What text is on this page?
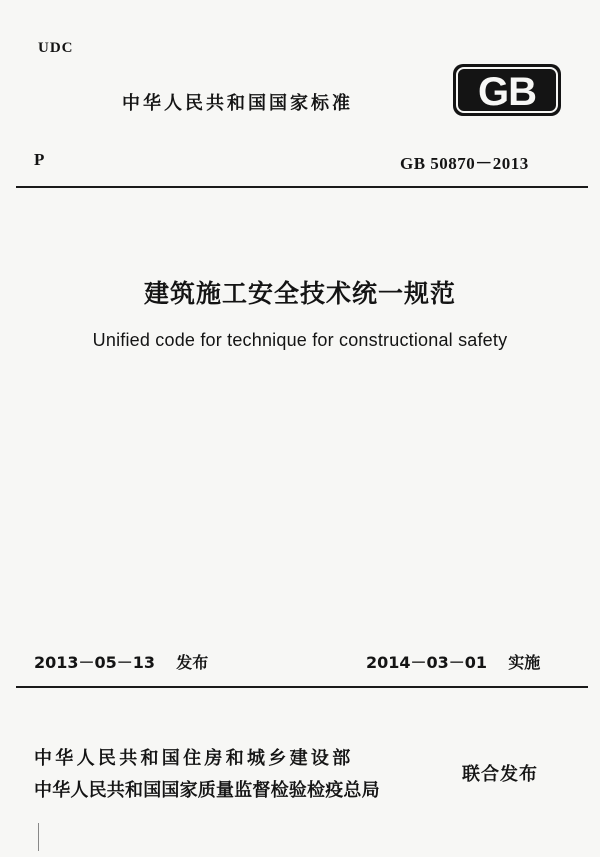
UDC
中华人民共和国国家标准	GB
P	GB 50870－2013
建筑施工安全技术统一规范
Unified code for technique for constructional safety
2013－05－13 发布	2014－03－01 实施
中华人民共和国住房和城乡建设部
中华人民共和国国家质量监督检验检疫总局
联合发布
